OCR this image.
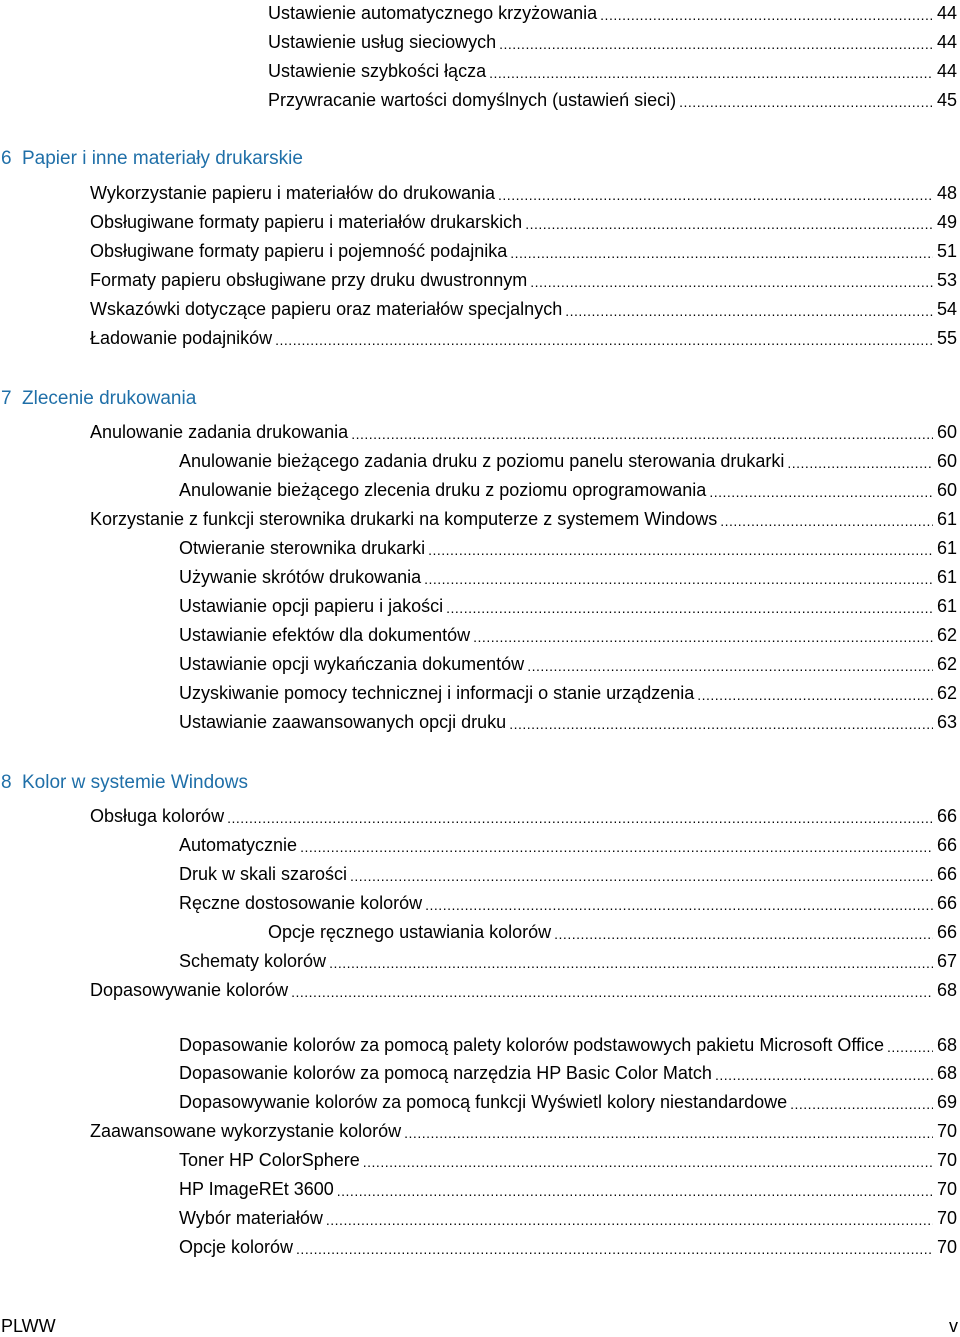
Ustawienie automatycznego krzyżowania .....	44
Ustawienie usług sieciowych .....	44
Ustawienie szybkości łącza .....	44
Przywracanie wartości domyślnych (ustawień sieci) .....	45
6 Papier i inne materiały drukarskie
Wykorzystanie papieru i materiałów do drukowania .....	48
Obsługiwane formaty papieru i materiałów drukarskich .....	49
Obsługiwane formaty papieru i pojemność podajnika .....	51
Formaty papieru obsługiwane przy druku dwustronnym .....	53
Wskazówki dotyczące papieru oraz materiałów specjalnych .....	54
Ładowanie podajników .....	55
7 Zlecenie drukowania
Anulowanie zadania drukowania .....	60
Anulowanie bieżącego zadania druku z poziomu panelu sterowania drukarki .....	60
Anulowanie bieżącego zlecenia druku z poziomu oprogramowania .....	60
Korzystanie z funkcji sterownika drukarki na komputerze z systemem Windows .....	61
Otwieranie sterownika drukarki .....	61
Używanie skrótów drukowania .....	61
Ustawianie opcji papieru i jakości .....	61
Ustawianie efektów dla dokumentów .....	62
Ustawianie opcji wykańczania dokumentów .....	62
Uzyskiwanie pomocy technicznej i informacji o stanie urządzenia .....	62
Ustawianie zaawansowanych opcji druku .....	63
8 Kolor w systemie Windows
Obsługa kolorów .....	66
Automatycznie .....	66
Druk w skali szarości .....	66
Ręczne dostosowanie kolorów .....	66
Opcje ręcznego ustawiania kolorów .....	66
Schematy kolorów .....	67
Dopasowywanie kolorów .....	68
Dopasowanie kolorów za pomocą palety kolorów podstawowych pakietu Microsoft Office .....	68
Dopasowanie kolorów za pomocą narzędzia HP Basic Color Match .....	68
Dopasowywanie kolorów za pomocą funkcji Wyświetl kolory niestandardowe .....	69
Zaawansowane wykorzystanie kolorów .....	70
Toner HP ColorSphere .....	70
HP ImageREt 3600 .....	70
Wybór materiałów .....	70
Opcje kolorów .....	70
PLWW	v
